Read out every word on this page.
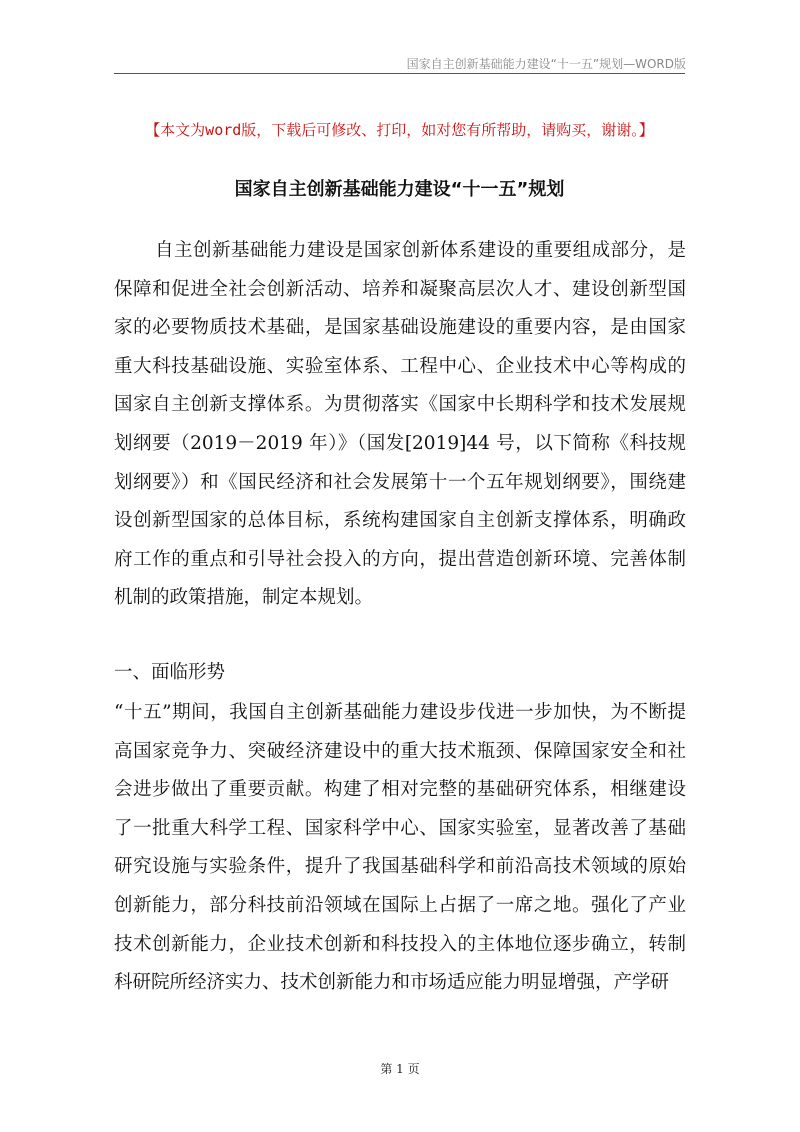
国家自主创新基础能力建设“十一五”规划—WORD版
【本文为word版，下载后可修改、打印，如对您有所帮助，请购买，谢谢。】
国家自主创新基础能力建设“十一五”规划
自主创新基础能力建设是国家创新体系建设的重要组成部分，是保障和促进全社会创新活动、培养和凝聚高层次人才、建设创新型国家的必要物质技术基础，是国家基础设施建设的重要内容，是由国家重大科技基础设施、实验室体系、工程中心、企业技术中心等构成的国家自主创新支撑体系。为贯彻落实《国家中长期科学和技术发展规划纲要（2019－2019 年）》（国发[2019]44 号，以下简称《科技规划纲要》）和《国民经济和社会发展第十一个五年规划纲要》，围绕建设创新型国家的总体目标，系统构建国家自主创新支撑体系，明确政府工作的重点和引导社会投入的方向，提出营造创新环境、完善体制机制的政策措施，制定本规划。
一、面临形势
“十五”期间，我国自主创新基础能力建设步伐进一步加快，为不断提高国家竞争力、突破经济建设中的重大技术瓶颈、保障国家安全和社会进步做出了重要贡献。构建了相对完整的基础研究体系，相继建设了一批重大科学工程、国家科学中心、国家实验室，显著改善了基础研究设施与实验条件，提升了我国基础科学和前沿高技术领域的原始创新能力，部分科技前沿领域在国际上占据了一席之地。强化了产业技术创新能力，企业技术创新和科技投入的主体地位逐步确立，转制科研院所经济实力、技术创新能力和市场适应能力明显增强，产学研
第 1 页
